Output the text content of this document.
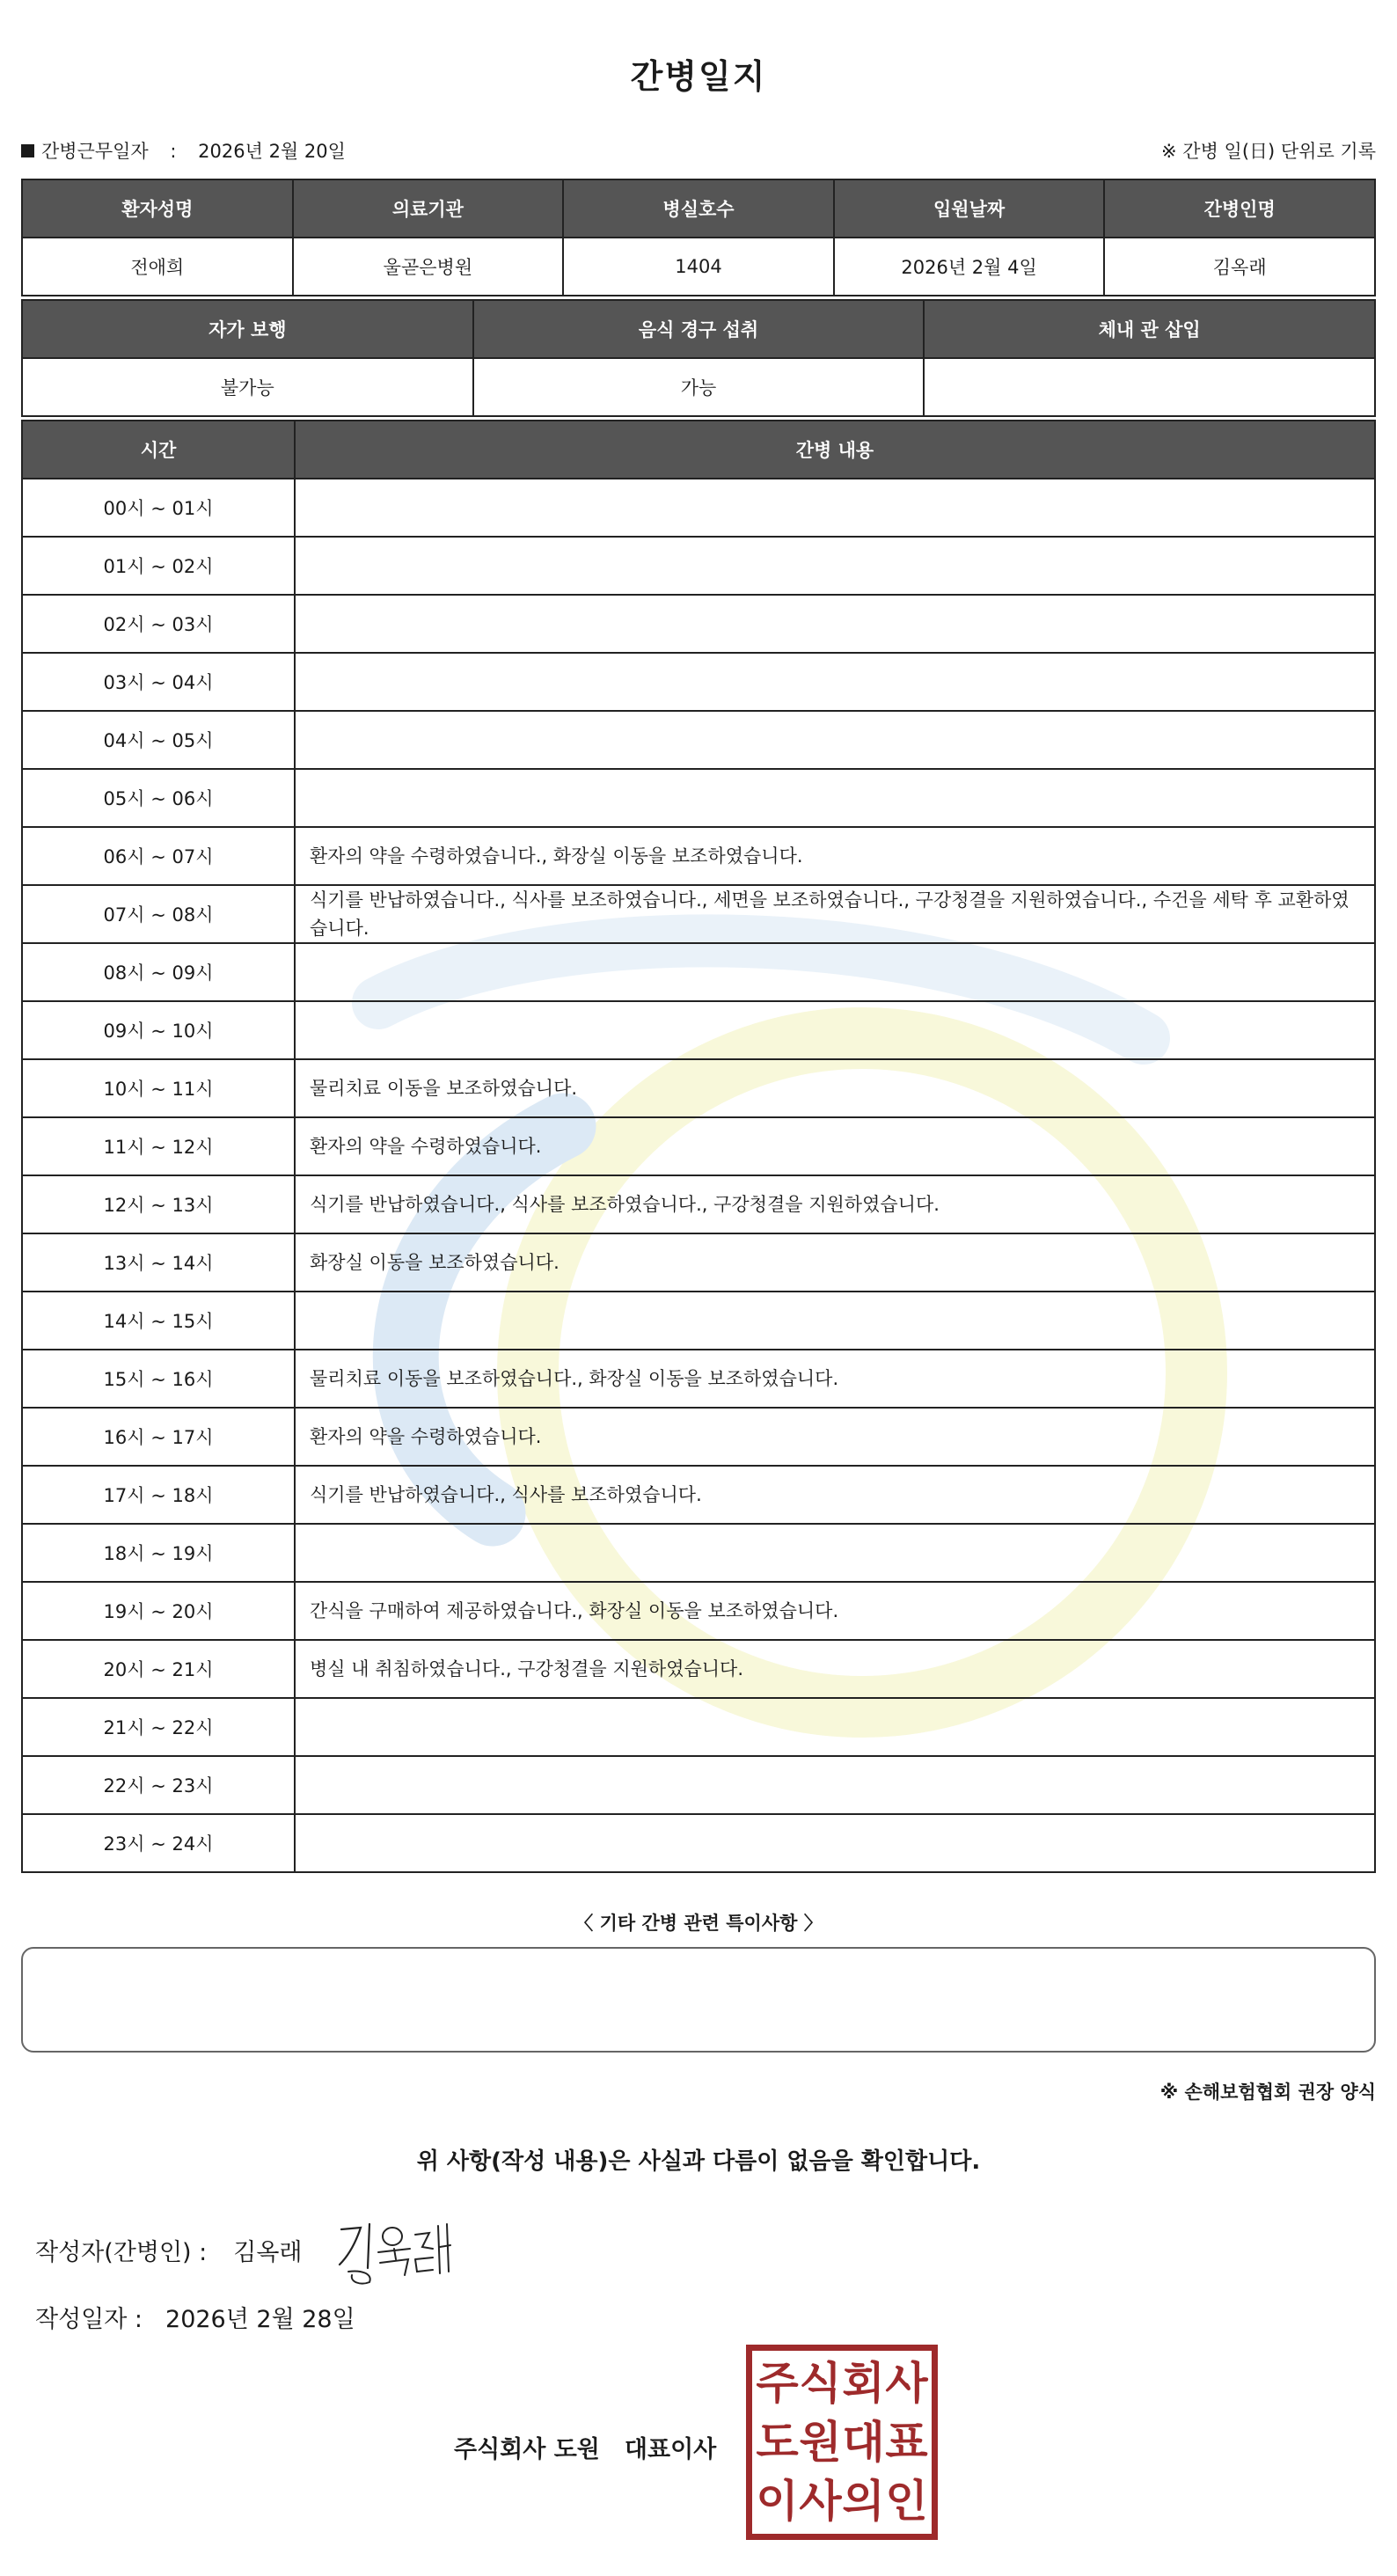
간병일지
간병근무일자 : 2026년 2월 20일	※ 간병 일(日) 단위로 기록
환자성명	의료기관	병실호수	입원날짜	간병인명
전애희	울곧은병원	1404	2026년 2월 4일	김옥래
자가 보행	음식 경구 섭취	체내 관 삽입
불가능	가능	
시간	간병 내용
00시 ~ 01시	
01시 ~ 02시	
02시 ~ 03시	
03시 ~ 04시	
04시 ~ 05시	
05시 ~ 06시	
06시 ~ 07시	환자의 약을 수령하였습니다., 화장실 이동을 보조하였습니다.
07시 ~ 08시	식기를 반납하였습니다., 식사를 보조하였습니다., 세면을 보조하였습니다., 구강청결을 지원하였습니다., 수건을 세탁 후 교환하였습니다.
08시 ~ 09시	
09시 ~ 10시	
10시 ~ 11시	물리치료 이동을 보조하였습니다.
11시 ~ 12시	환자의 약을 수령하였습니다.
12시 ~ 13시	식기를 반납하였습니다., 식사를 보조하였습니다., 구강청결을 지원하였습니다.
13시 ~ 14시	화장실 이동을 보조하였습니다.
14시 ~ 15시	
15시 ~ 16시	물리치료 이동을 보조하였습니다., 화장실 이동을 보조하였습니다.
16시 ~ 17시	환자의 약을 수령하였습니다.
17시 ~ 18시	식기를 반납하였습니다., 식사를 보조하였습니다.
18시 ~ 19시	
19시 ~ 20시	간식을 구매하여 제공하였습니다., 화장실 이동을 보조하였습니다.
20시 ~ 21시	병실 내 취침하였습니다., 구강청결을 지원하였습니다.
21시 ~ 22시	
22시 ~ 23시	
23시 ~ 24시	
〈 기타 간병 관련 특이사항 〉
※ 손해보험협회 권장 양식
위 사항(작성 내용)은 사실과 다름이 없음을 확인합니다.
작성자(간병인) : 김옥래
작성일자 : 2026년 2월 28일
주식회사 도원 대표이사
주 식 회 사
도 원 대 표
이 사 의 인
